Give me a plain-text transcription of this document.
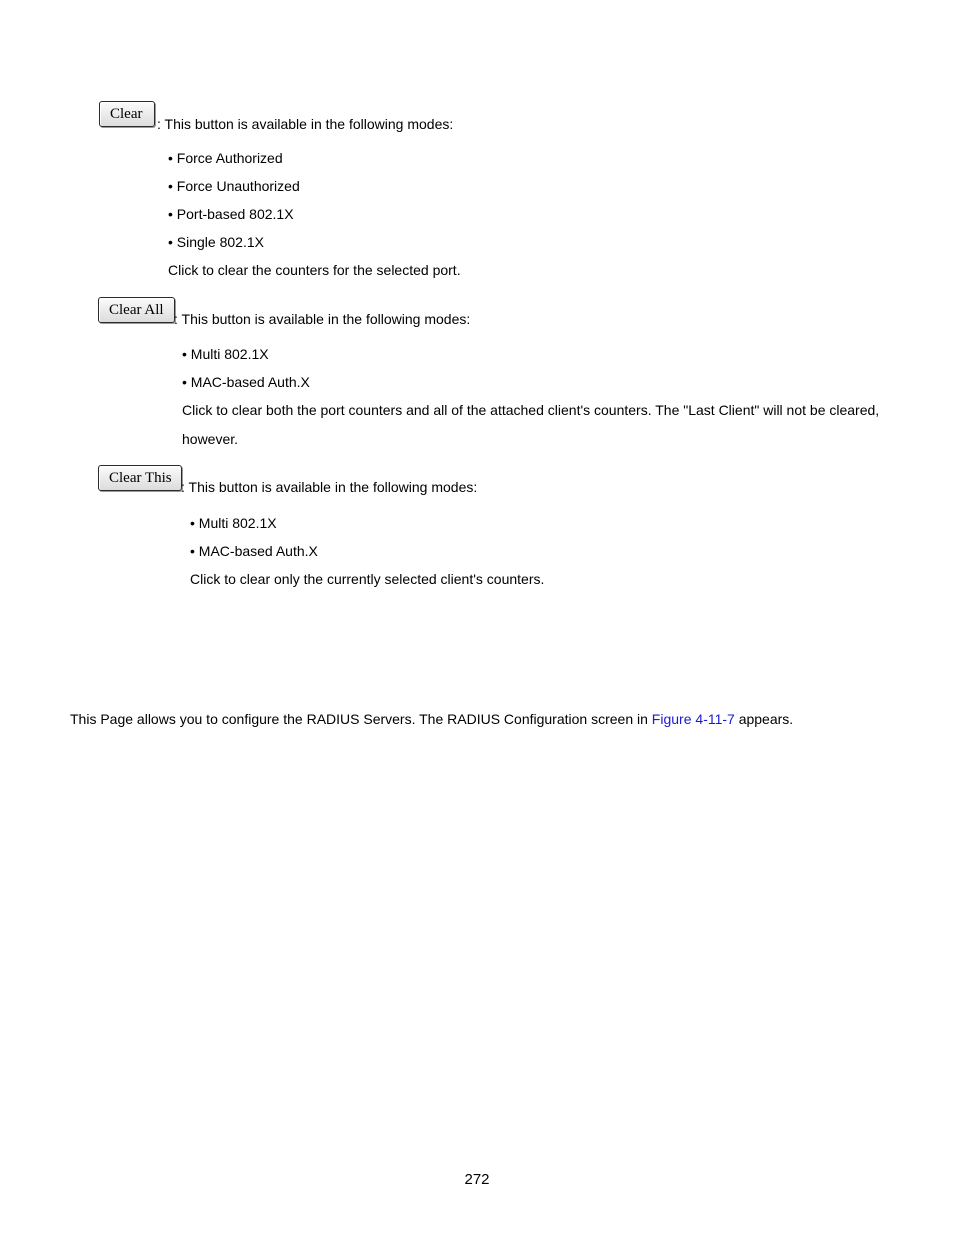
Clear
: This button is available in the following modes:
• Force Authorized
• Force Unauthorized
• Port-based 802.1X
• Single 802.1X
Click to clear the counters for the selected port.
Clear All
: This button is available in the following modes:
• Multi 802.1X
• MAC-based Auth.X
Click to clear both the port counters and all of the attached client's counters. The "Last Client" will not be cleared,
however.
Clear This
: This button is available in the following modes:
• Multi 802.1X
• MAC-based Auth.X
Click to clear only the currently selected client's counters.
This Page allows you to configure the RADIUS Servers. The RADIUS Configuration screen in Figure 4-11-7 appears.
272
